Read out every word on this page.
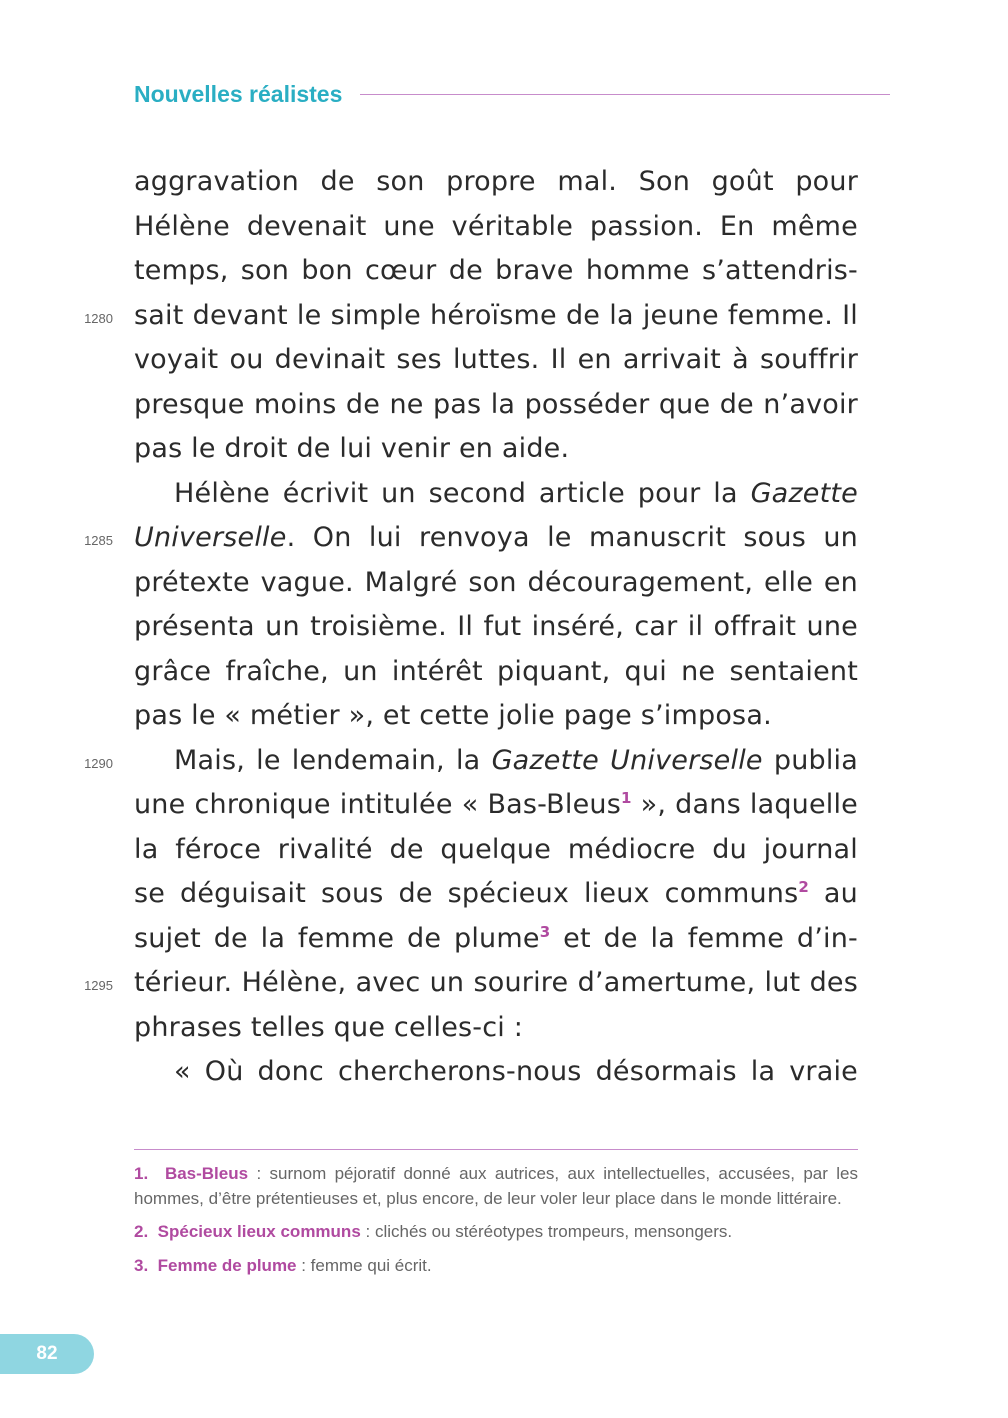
Nouvelles réalistes
1280
1285
1290
1295
aggravation de son propre mal. Son goût pour
Hélène devenait une véritable passion. En même
temps, son bon cœur de brave homme s’attendris-
sait devant le simple héroïsme de la jeune femme. Il
voyait ou devinait ses luttes. Il en arrivait à souffrir
presque moins de ne pas la posséder que de n’avoir
pas le droit de lui venir en aide.
Hélène écrivit un second article pour la Gazette
Universelle. On lui renvoya le manuscrit sous un
prétexte vague. Malgré son découragement, elle en
présenta un troisième. Il fut inséré, car il offrait une
grâce fraîche, un intérêt piquant, qui ne sentaient
pas le « métier », et cette jolie page s’imposa.
Mais, le lendemain, la Gazette Universelle publia
une chronique intitulée « Bas-Bleus$^1$ », dans laquelle
la féroce rivalité de quelque médiocre du journal
se déguisait sous de spécieux lieux communs$^2$ au
sujet de la femme de plume$^3$ et de la femme d’in-
térieur. Hélène, avec un sourire d’amertume, lut des
phrases telles que celles-ci :
« Où donc chercherons-nous désormais la vraie
1. Bas-Bleus : surnom péjoratif donné aux autrices, aux intellectuelles, accusées, par les hommes, d’être prétentieuses et, plus encore, de leur voler leur place dans le monde littéraire.
2. Spécieux lieux communs : clichés ou stéréotypes trompeurs, mensongers.
3. Femme de plume : femme qui écrit.
82
